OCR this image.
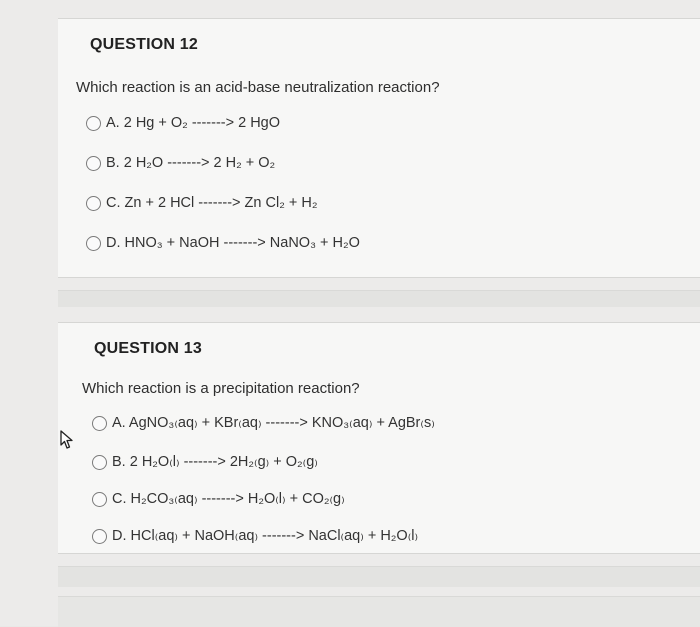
QUESTION 12
Which reaction is an acid-base neutralization reaction?
A. 2 Hg + O₂ -------> 2 HgO
B. 2 H₂O -------> 2 H₂ + O₂
C. Zn + 2 HCl -------> Zn Cl₂ + H₂
D. HNO₃ + NaOH -------> NaNO₃ + H₂O
QUESTION 13
Which reaction is a precipitation reaction?
A. AgNO₃₍aq₎ + KBr₍aq₎ -------> KNO₃₍aq₎ + AgBr₍s₎
B. 2 H₂O₍l₎ -------> 2H₂₍g₎ + O₂₍g₎
C. H₂CO₃₍aq₎ -------> H₂O₍l₎ + CO₂₍g₎
D. HCl₍aq₎ + NaOH₍aq₎ -------> NaCl₍aq₎ + H₂O₍l₎
